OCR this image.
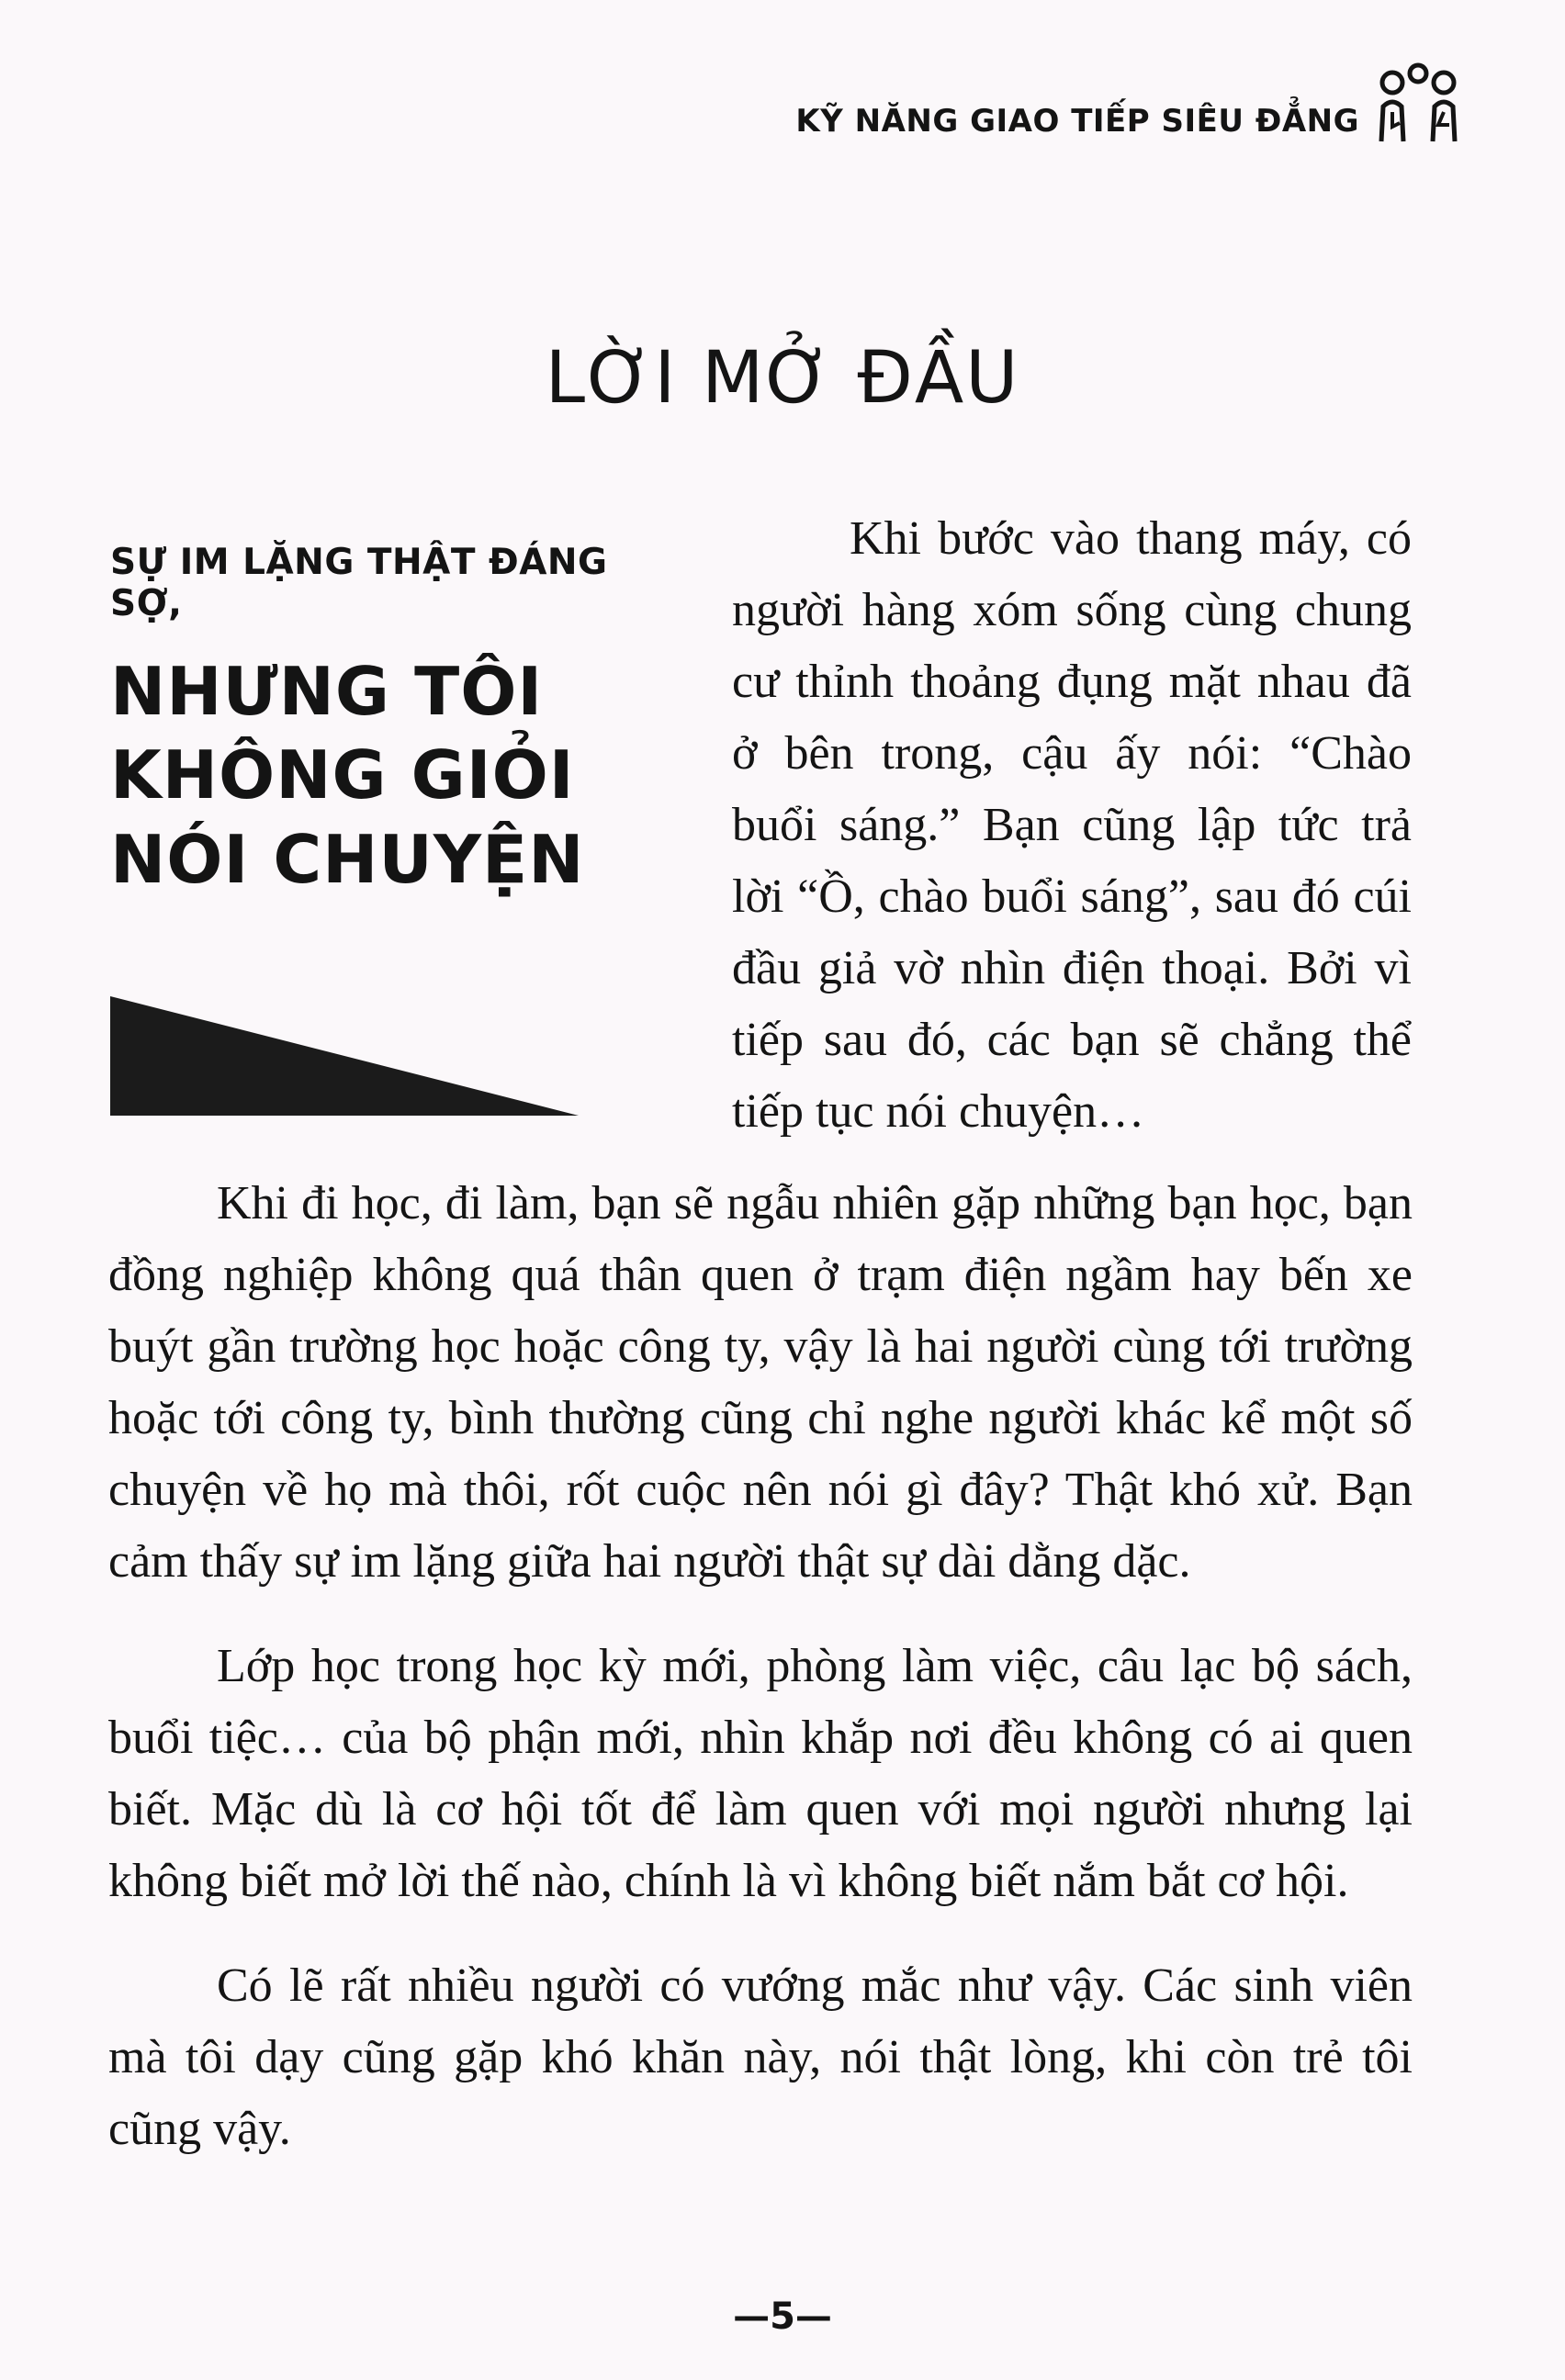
KỸ NĂNG GIAO TIẾP SIÊU ĐẲNG
LỜI MỞ ĐẦU
SỰ IM LẶNG THẬT ĐÁNG SỢ,
NHƯNG TÔI
KHÔNG GIỎI
NÓI CHUYỆN

Khi bước vào thang máy, có người hàng xóm sống cùng chung cư thỉnh thoảng đụng mặt nhau đã ở bên trong, cậu ấy nói: “Chào buổi sáng.” Bạn cũng lập tức trả lời “Ồ, chào buổi sáng”, sau đó cúi đầu giả vờ nhìn điện thoại. Bởi vì tiếp sau đó, các bạn sẽ chẳng thể tiếp tục nói chuyện…

Khi đi học, đi làm, bạn sẽ ngẫu nhiên gặp những bạn học, bạn đồng nghiệp không quá thân quen ở trạm điện ngầm hay bến xe buýt gần trường học hoặc công ty, vậy là hai người cùng tới trường hoặc tới công ty, bình thường cũng chỉ nghe người khác kể một số chuyện về họ mà thôi, rốt cuộc nên nói gì đây? Thật khó xử. Bạn cảm thấy sự im lặng giữa hai người thật sự dài dằng dặc.

Lớp học trong học kỳ mới, phòng làm việc, câu lạc bộ sách, buổi tiệc… của bộ phận mới, nhìn khắp nơi đều không có ai quen biết. Mặc dù là cơ hội tốt để làm quen với mọi người nhưng lại không biết mở lời thế nào, chính là vì không biết nắm bắt cơ hội.

Có lẽ rất nhiều người có vướng mắc như vậy. Các sinh viên mà tôi dạy cũng gặp khó khăn này, nói thật lòng, khi còn trẻ tôi cũng vậy.

—5—
